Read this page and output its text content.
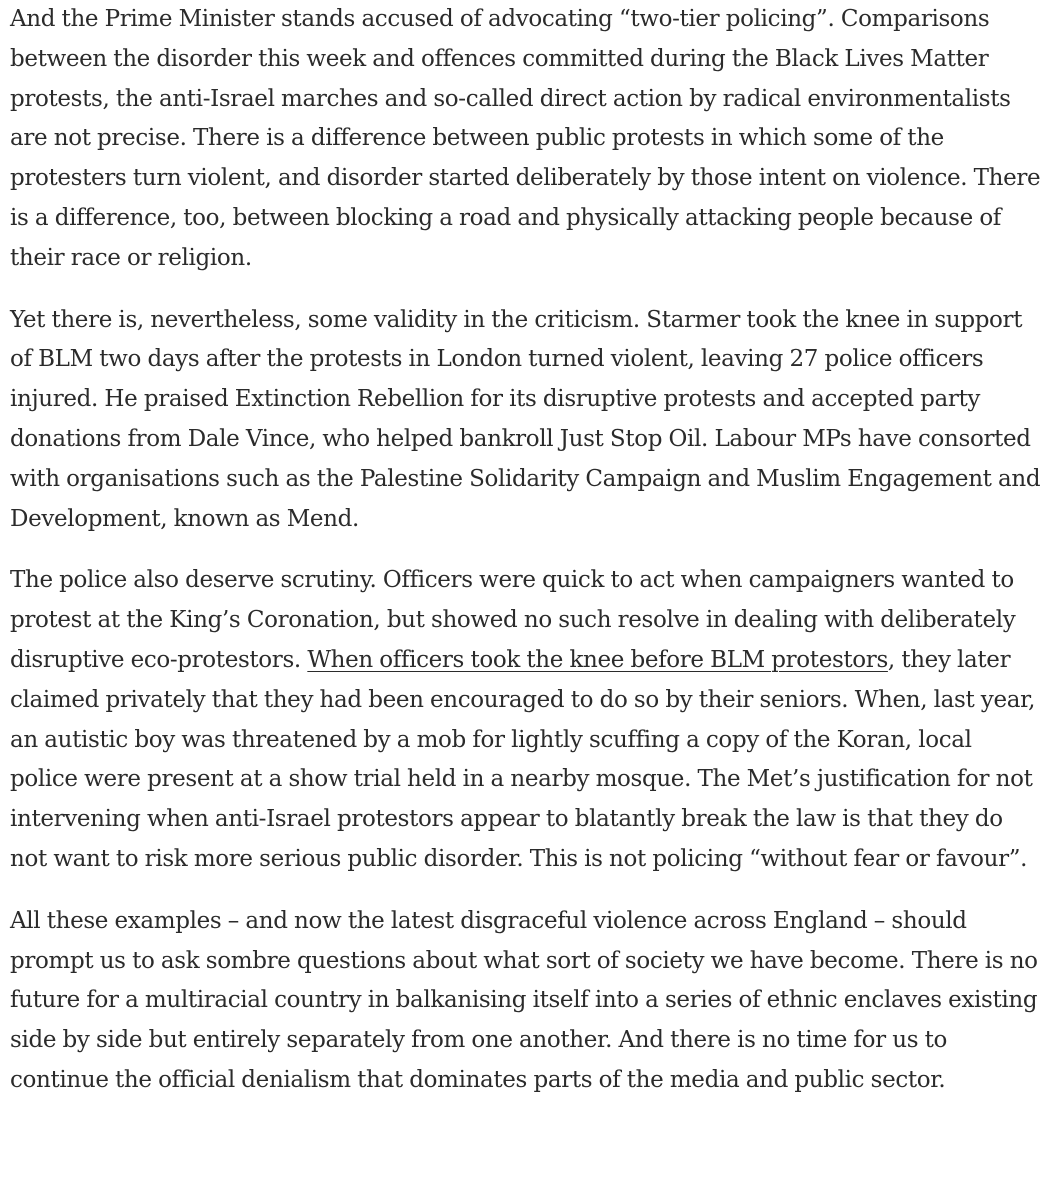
And the Prime Minister stands accused of advocating “two-tier policing”. Comparisons between the disorder this week and offences committed during the Black Lives Matter protests, the anti-Israel marches and so-called direct action by radical environmentalists are not precise. There is a difference between public protests in which some of the protesters turn violent, and disorder started deliberately by those intent on violence. There is a difference, too, between blocking a road and physically attacking people because of their race or religion.

Yet there is, nevertheless, some validity in the criticism. Starmer took the knee in support of BLM two days after the protests in London turned violent, leaving 27 police officers injured. He praised Extinction Rebellion for its disruptive protests and accepted party donations from Dale Vince, who helped bankroll Just Stop Oil. Labour MPs have consorted with organisations such as the Palestine Solidarity Campaign and Muslim Engagement and Development, known as Mend.

The police also deserve scrutiny. Officers were quick to act when campaigners wanted to protest at the King’s Coronation, but showed no such resolve in dealing with deliberately disruptive eco-protestors. When officers took the knee before BLM protestors, they later claimed privately that they had been encouraged to do so by their seniors. When, last year, an autistic boy was threatened by a mob for lightly scuffing a copy of the Koran, local police were present at a show trial held in a nearby mosque. The Met’s justification for not intervening when anti-Israel protestors appear to blatantly break the law is that they do not want to risk more serious public disorder. This is not policing “without fear or favour”.

All these examples – and now the latest disgraceful violence across England – should prompt us to ask sombre questions about what sort of society we have become. There is no future for a multiracial country in balkanising itself into a series of ethnic enclaves existing side by side but entirely separately from one another. And there is no time for us to continue the official denialism that dominates parts of the media and public sector.
